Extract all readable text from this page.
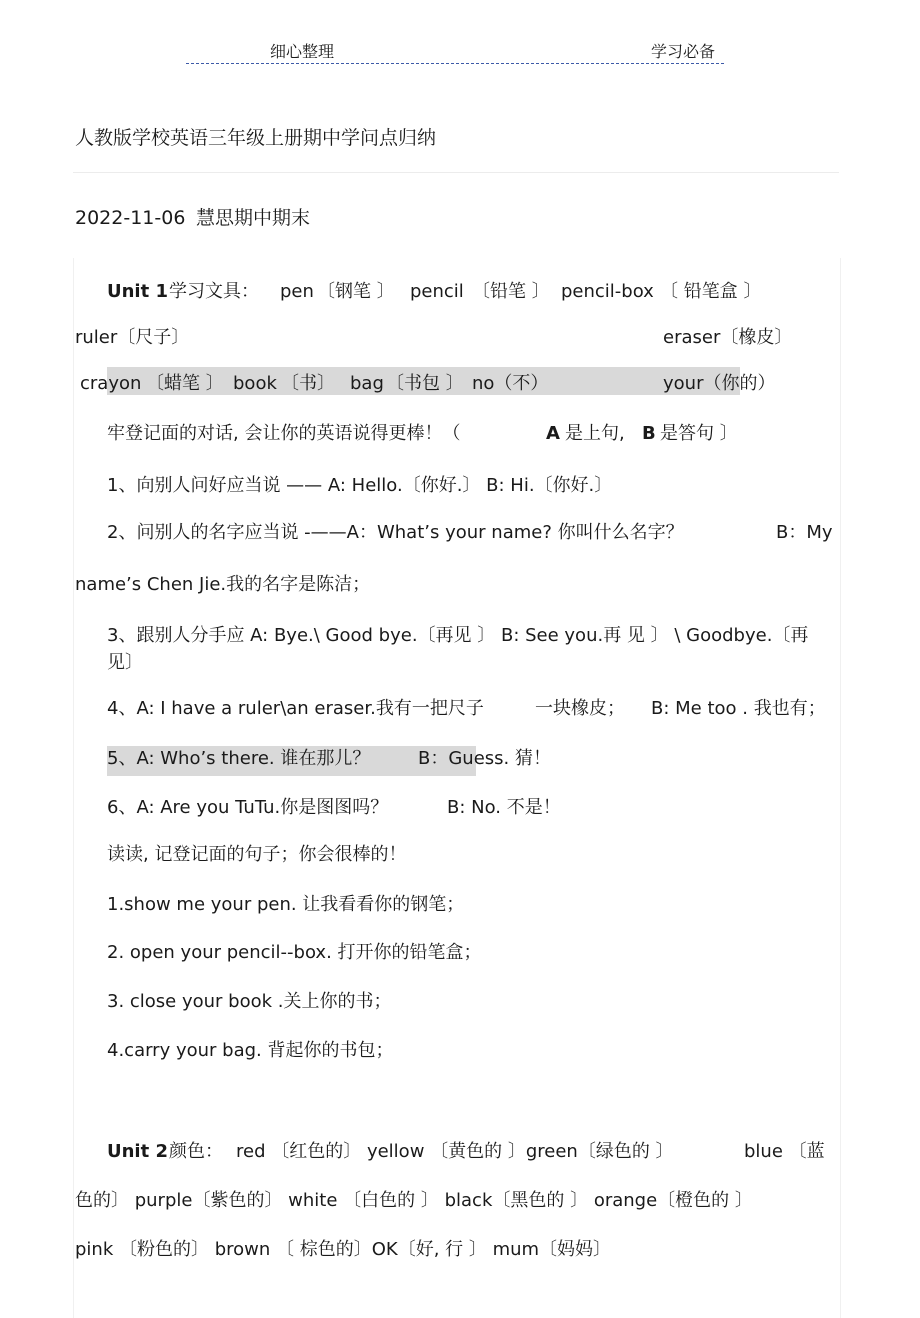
细心整理	学习必备
人教版学校英语三年级上册期中学问点归纳
2022-11-06 慧思期中期末
Unit 1 学习文具： pen 〔钢笔 〕 pencil 〔铅笔 〕 pencil-box 〔 铅笔盒 〕
ruler〔尺子〕	eraser〔橡皮〕
crayon 〔蜡笔 〕 book 〔书〕 bag 〔书包 〕 no（不）	your（你的）
牢登记面的对话, 会让你的英语说得更棒！（	A 是上句, B 是答句 〕
1、向别人问好应当说 —— A: Hello.〔你好.〕 B: Hi.〔你好.〕
2、问别人的名字应当说 -——A：What’s your name? 你叫什么名字？	B：My
name’s Chen Jie.我的名字是陈洁；
3、跟别人分手应 A: Bye.\ Good bye.〔再见 〕 B: See you.再 见 〕 \ Goodbye.〔再
见〕
4、A: I have a ruler\an eraser.我有一把尺子	一块橡皮； B: Me too . 我也有；
5、A: Who’s there. 谁在那儿？	B：Guess. 猜！
6、A: Are you TuTu.你是图图吗？	B: No. 不是！
读读, 记登记面的句子；你会很棒的！
1.show me your pen. 让我看看你的钢笔；
2. open your pencil--box. 打开你的铅笔盒；
3. close your book .关上你的书；
4.carry your bag. 背起你的书包；
Unit 2 颜色： red 〔红色的〕 yellow 〔黄色的 〕green〔绿色的 〕	blue 〔蓝
色的〕 purple〔紫色的〕 white 〔白色的 〕 black〔黑色的 〕 orange〔橙色的 〕
pink 〔粉色的〕 brown 〔 棕色的〕OK〔好, 行 〕 mum〔妈妈〕
